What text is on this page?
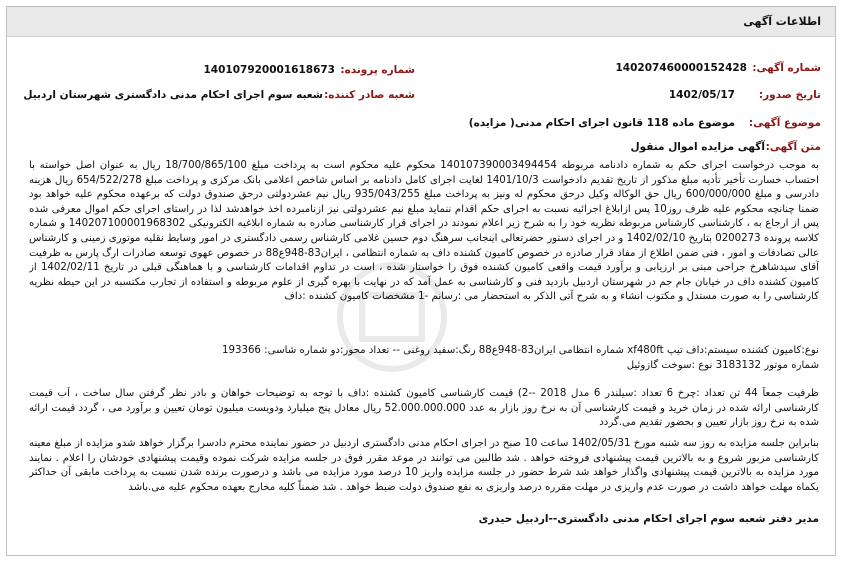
اطلاعات آگهی
شماره آگهی:
140207460000152428
شماره پرونده:
140107920001618673
تاریخ صدور:
1402/05/17
شعبه صادر کننده:
شعبه سوم اجرای احکام مدنی دادگستری شهرستان اردبیل
موضوع آگهی:
موضوع ماده 118 قانون اجرای احکام مدنی( مزایده)
متن آگهی:
آگهی مزایده اموال منقول

به موجب درخواست اجرای حکم به شماره دادنامه مربوطه 140107390003494454 محکوم علیه محکوم است به پرداخت مبلغ 18/700/865/100 ریال به عنوان اصل خواسته با احتساب خسارت تأخیر تأدیه مبلغ مذکور از تاریخ تقدیم دادخواست 1401/10/3 لغایت اجرای کامل دادنامه بر اساس شاخص اعلامی بانک مرکزی و پرداخت مبلغ 654/522/278 ریال هزینه دادرسی و مبلغ 600/000/000 ریال حق الوکاله وکیل درحق محکوم له ونیز به پرداخت مبلغ 935/043/255 ریال نیم عشردولتی درحق صندوق دولت که برعهده محکوم علیه خواهد بود ضمنا چنانچه محکوم علیه ظرف روز10 پس ازابلاغ اجرائیه نسبت به اجرای حکم اقدام ننماید مبلغ نیم عشردولتی نیز ازنامبرده اخذ خواهدشد لذا در راستای اجرای حکم اموال معرفی شده پس از ارجاع به ، کارشناسی کارشناس مربوطه نظریه خود را به شرح زیر اعلام نمودند در اجرای قرار کارشناسی صادره به شماره ابلاغیه الکترونیکی 140207100001968302 و شماره کلاسه پرونده 0200273 بتاریخ 1402/02/10 و در اجرای دستور حضرتعالی اینجانب سرهنگ دوم حسین غلامی کارشناس رسمی دادگستری در امور وسایط نقلیه موتوری زمینی و کارشناس عالی تصادفات و امور ، فنی ضمن اطلاع از مفاد قرار صادره در خصوص کامیون کشنده داف به شماره انتظامی ، ایران83-948ع88 در خصوص عهوی توسعه صادرات ارگ پارس به ظرفیت آقای سیدشاهرخ جراحی مبنی بر ارزیابی و برآورد قیمت واقعی کامیون کشنده فوق را خواستار شده ، است در تداوم اقدامات کارشناسی و با هماهنگی قبلی در تاریخ 1402/02/11 از کامیون کشنده داف در خیابان جام جم در شهرستان اردبیل بازدید فنی و کارشناسی به عمل آمد که در نهایت با بهره گیری از علوم مربوطه و استفاده از تجارب مکتسبه در این حیطه نظریه کارشناسی را به صورت مستدل و مکتوب انشاء و به شرح آتی الذکر به استحضار می :رسانم -1 مشخصات کامیون کشنده :داف

نوع:کامیون کشنده سیستم:داف تیپ xf480ft شماره انتظامی ایران83-948ع88 رنگ:سفید روغنی -- تعداد محور:دو شماره شاسی: 193366
شماره موتور 3183132 نوع :سوخت گازوئیل

ظرفیت جمعاً 44 تن تعداد :چرخ 6 تعداد :سیلندر 6 مدل 2018 --2) قیمت کارشناسی کامیون کشنده :داف با توجه به توضیحات خواهان و بادر نظر گرفتن سال ساخت ، آب قیمت کارشناسی ارائه شده در زمان خرید و قیمت کارشناسی آن به نرخ روز بازار به عدد 52.000.000.000 ریال معادل پنج میلیارد ودویست میلیون تومان تعیین و برآورد می ، گردد قیمت ارائه شده به نرخ روز بازار تعیین و بحضور تقدیم می.گردد

بنابراین جلسه مزایده به روز سه شنبه مورخ 1402/05/31 ساعت 10 صبح در اجرای احکام مدنی دادگستری اردبیل در حضور نماینده محترم دادسرا برگزار خواهد شدو مزایده از مبلغ معینه کارشناسی مزبور شروع و به بالاترین قیمت پیشنهادی فروخته خواهد . شد طالبین می توانند در موعد مقرر فوق در جلسه مزایده شرکت نموده وقیمت پیشنهادی خودشان را اعلام . نمایند مورد مزایده به بالاترین قیمت پیشنهادی واگذار خواهد شد شرط حضور در جلسه مزایده واریز 10 درصد مورد مزایده می باشد و درصورت برنده شدن نسبت به پرداخت مابقی آن حداکثر یکماه مهلت خواهد داشت در صورت عدم واریزی در مهلت مقرره درصد واریزی به نفع صندوق دولت ضبط خواهد . شد ضمناً کلیه مخارج بعهده محکوم علیه می.باشد

مدیر دفتر شعبه سوم اجرای احکام مدنی دادگستری--اردبیل حیدری
